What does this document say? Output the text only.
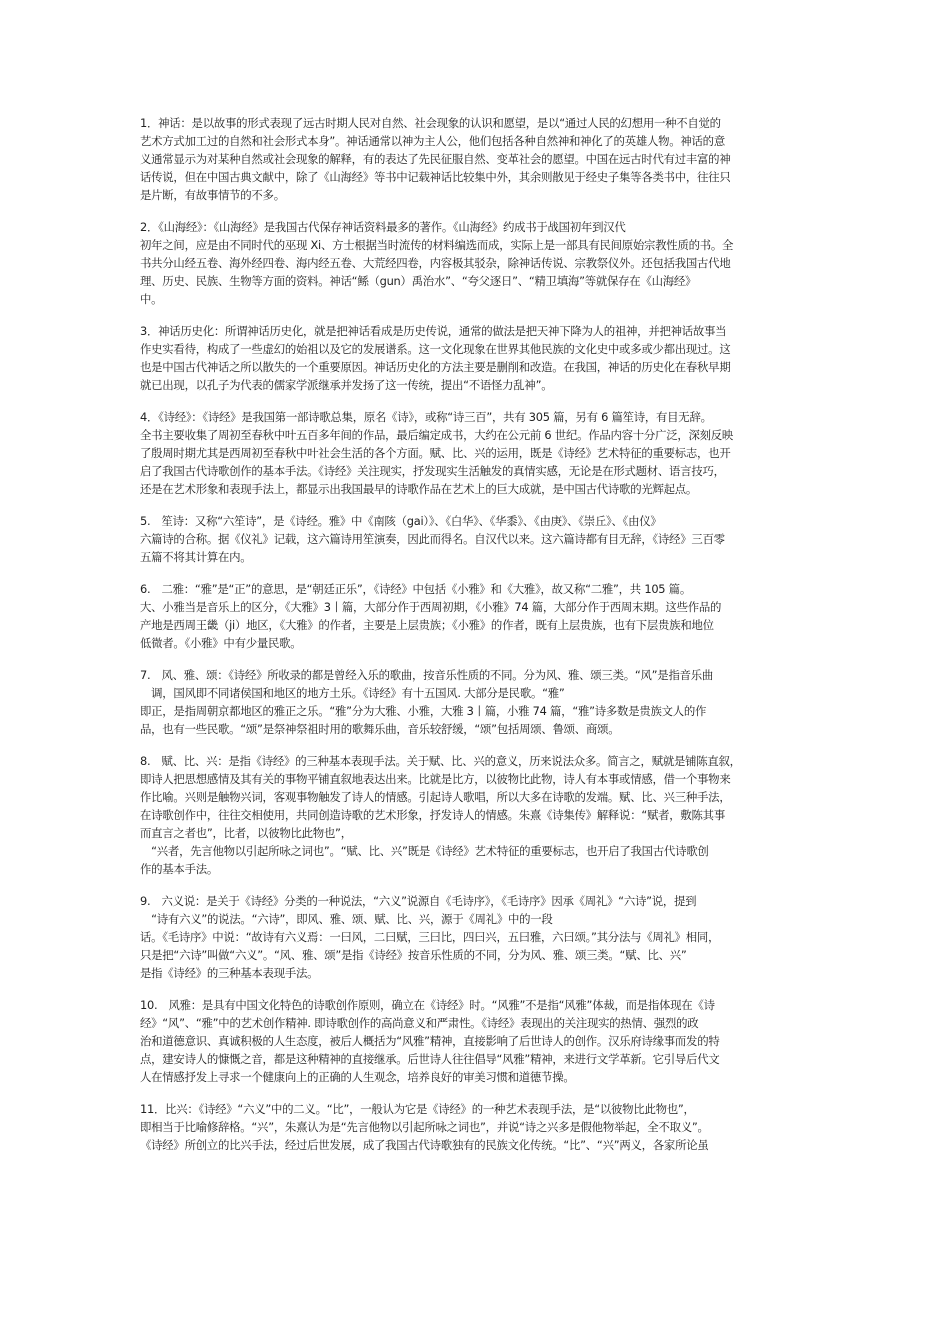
1．神话：是以故事的形式表现了远古时期人民对自然、社会现象的认识和愿望，是以“通过人民的幻想用一种不自觉的
艺术方式加工过的自然和社会形式本身”。神话通常以神为主人公，他们包括各种自然神和神化了的英雄人物。神话的意
义通常显示为对某种自然或社会现象的解释，有的表达了先民征服自然、变革社会的愿望。中国在远古时代有过丰富的神
话传说，但在中国古典文献中，除了《山海经》等书中记载神话比较集中外，其余则散见于经史子集等各类书中，往往只
是片断，有故事情节的不多。
2．《山海经》：《山海经》是我国古代保存神话资料最多的著作。《山海经》约成书于战国初年到汉代
初年之间，应是由不同时代的巫现 Xi、方士根据当时流传的材料编选而成，实际上是一部具有民间原始宗教性质的书。全
书共分山经五卷、海外经四卷、海内经五卷、大荒经四卷，内容极其驳杂，除神话传说、宗教祭仪外。还包括我国古代地
理、历史、民族、生物等方面的资料。神话“鲧（gun）禹治水”、“夸父逐日”、“精卫填海”等就保存在《山海经》
中。
3．神话历史化：所谓神话历史化，就是把神话看成是历史传说，通常的做法是把天神下降为人的祖神，并把神话故事当
作史实看待，构成了一些虚幻的始祖以及它的发展谱系。这一文化现象在世界其他民族的文化史中或多或少都出现过。这
也是中国古代神话之所以散失的一个重要原因。神话历史化的方法主要是删削和改造。在我国，神话的历史化在春秋早期
就已出现，以孔子为代表的儒家学派继承并发扬了这一传统，提出“不语怪力乱神”。
4．《诗经》：《诗经》是我国第一部诗歌总集，原名《诗》，或称“诗三百”，共有 305 篇，另有 6 篇笙诗，有目无辞。
全书主要收集了周初至春秋中叶五百多年间的作品，最后编定成书，大约在公元前 6 世纪。作品内容十分广泛，深刻反映
了殷周时期尤其是西周初至春秋中叶社会生活的各个方面。赋、比、兴的运用，既是《诗经》艺术特征的重要标志，也开
启了我国古代诗歌创作的基本手法。《诗经》关注现实，抒发现实生活触发的真情实感，无论是在形式题材、语言技巧，
还是在艺术形象和表现手法上，都显示出我国最早的诗歌作品在艺术上的巨大成就，是中国古代诗歌的光辉起点。
5.　笙诗：又称“六笙诗”，是《诗经。雅》中《南陔（gai）》、《白华》、《华黍》、《由庚》、《崇丘》、《由仪》
六篇诗的合称。据《仪礼》记载，这六篇诗用笙演奏，因此而得名。自汉代以来。这六篇诗都有目无辞，《诗经》三百零
五篇不将其计算在内。
6.　二雅：“雅”是“正”的意思，是“朝廷正乐”，《诗经》中包括《小雅》和《大雅》，故又称“二雅”，共 105 篇。
大、小雅当是音乐上的区分，《大雅》3丨篇，大部分作于西周初期，《小雅》74 篇，大部分作于西周末期。这些作品的
产地是西周王畿（ji）地区，《大雅》的作者，主要是上层贵族；《小雅》的作者，既有上层贵族，也有下层贵族和地位
低微者。《小雅》中有少量民歌。
7.　风、雅、颂：《诗经》所收录的都是曾经入乐的歌曲，按音乐性质的不同。分为风、雅、颂三类。“风”是指音乐曲
　调，国风即不同诸侯国和地区的地方土乐。《诗经》有十五国风. 大部分是民歌。“雅”
即正，是指周朝京都地区的雅正之乐。“雅”分为大雅、小雅，大雅 3丨篇，小雅 74 篇，“雅”诗多数是贵族文人的作
品，也有一些民歌。“颂”是祭神祭祖时用的歌舞乐曲，音乐较舒缓，“颂”包括周颂、鲁颂、商颂。
8.　赋、比、兴：是指《诗经》的三种基本表现手法。关于赋、比、兴的意义，历来说法众多。简言之，赋就是铺陈直叙，
即诗人把思想感情及其有关的事物平铺直叙地表达出来。比就是比方，以彼物比此物，诗人有本事或情感，借一个事物来
作比喻。兴则是触物兴词，客观事物触发了诗人的情感。引起诗人歌唱，所以大多在诗歌的发端。赋、比、兴三种手法，
在诗歌创作中，往往交相使用，共同创造诗歌的艺术形象，抒发诗人的情感。朱熹《诗集传》解释说：“赋者，敷陈其事
而直言之者也”，比者，以彼物比此物也”，
　“兴者，先言他物以引起所咏之词也”。“赋、比、兴”既是《诗经》艺术特征的重要标志，也开启了我国古代诗歌创
作的基本手法。
9.　六义说：是关于《诗经》分类的一种说法，“六义”说源自《毛诗序》，《毛诗序》因承《周礼》“六诗”说，提到
　“诗有六义”的说法。“六诗”，即风、雅、颂、赋、比、兴，源于《周礼》中的一段
话。《毛诗序》中说：“故诗有六义焉：一曰风，二曰赋，三曰比，四曰兴，五曰雅，六曰颂。”其分法与《周礼》相同，
只是把“六诗”叫做“六义”。“风、雅、颂”是指《诗经》按音乐性质的不同，分为风、雅、颂三类。“赋、比、兴”
是指《诗经》的三种基本表现手法。
10.　风雅：是具有中国文化特色的诗歌创作原则，确立在《诗经》时。“风雅”不是指“风雅”体裁，而是指体现在《诗
经》“风”、“雅”中的艺术创作精神. 即诗歌创作的高尚意义和严肃性。《诗经》表现出的关注现实的热情、强烈的政
治和道德意识、真诚积极的人生态度，被后人概括为“风雅”精神，直接影响了后世诗人的创作。汉乐府诗缘事而发的特
点，建安诗人的慷慨之音，都是这种精神的直接继承。后世诗人往往倡导“风雅”精神，来进行文学革新。它引导后代文
人在情感抒发上寻求一个健康向上的正确的人生观念，培养良好的审美习惯和道德节操。
11．比兴：《诗经》“六义”中的二义。“比”，一般认为它是《诗经》的一种艺术表现手法，是“以彼物比此物也”，
即相当于比喻修辞格。“兴”，朱熹认为是“先言他物以引起所咏之词也”，并说“诗之兴多是假他物举起，全不取义”。
《诗经》所创立的比兴手法，经过后世发展，成了我国古代诗歌独有的民族文化传统。“比”、“兴”两义，各家所论虽
